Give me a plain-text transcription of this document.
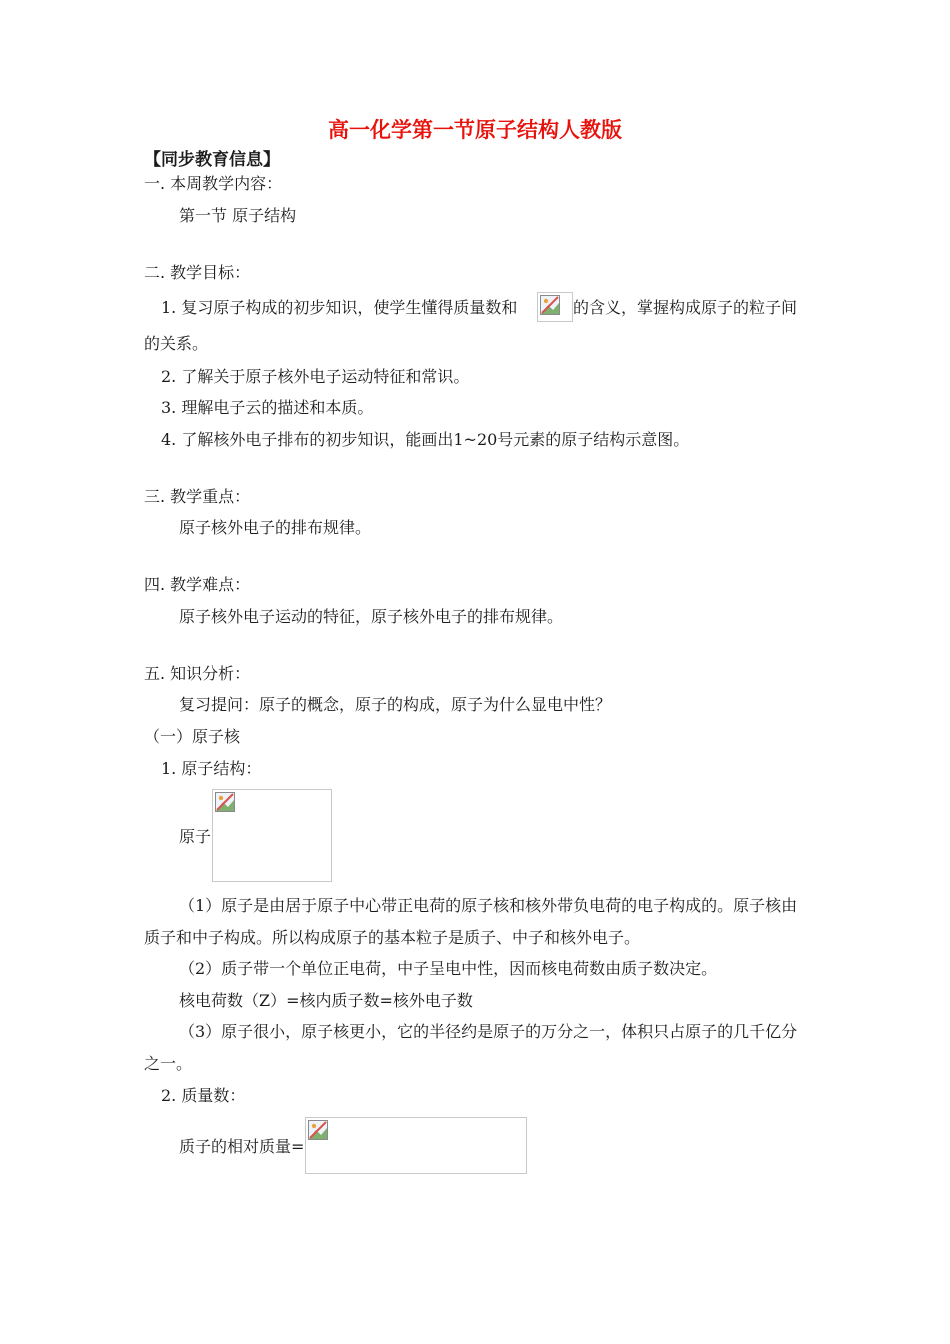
高一化学第一节原子结构人教版
【同步教育信息】
一. 本周教学内容：
第一节 原子结构
二. 教学目标：
1. 复习原子构成的初步知识，使学生懂得质量数和	的含义，掌握构成原子的粒子间
的关系。
2. 了解关于原子核外电子运动特征和常识。
3. 理解电子云的描述和本质。
4. 了解核外电子排布的初步知识，能画出1~20号元素的原子结构示意图。
三. 教学重点：
原子核外电子的排布规律。
四. 教学难点：
原子核外电子运动的特征，原子核外电子的排布规律。
五. 知识分析：
复习提问：原子的概念，原子的构成，原子为什么显电中性？
（一）原子核
1. 原子结构：
原子
（1）原子是由居于原子中心带正电荷的原子核和核外带负电荷的电子构成的。原子核由
质子和中子构成。所以构成原子的基本粒子是质子、中子和核外电子。
（2）质子带一个单位正电荷，中子呈电中性，因而核电荷数由质子数决定。
核电荷数（Z）=核内质子数=核外电子数
（3）原子很小，原子核更小，它的半径约是原子的万分之一，体积只占原子的几千亿分
之一。
2. 质量数：
质子的相对质量=
